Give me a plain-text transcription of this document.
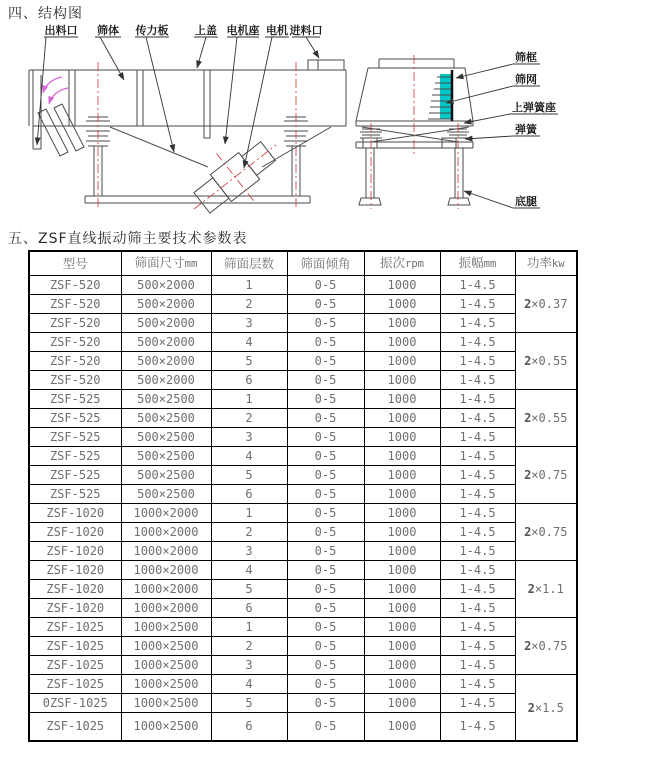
四、结构图
出料口 筛体 传力板 上盖 电机座 电机 进料口
筛框
筛网
上弹簧座
弹簧
底腿
五、ZSF直线振动筛主要技术参数表
型号	筛面尺寸mm	筛面层数	筛面倾角	振次rpm	振幅mm	功率kw
ZSF-520	500×2000	1	0-5	1000	1-4.5	2×0.37
ZSF-520	500×2000	2	0-5	1000	1-4.5	
ZSF-520	500×2000	3	0-5	1000	1-4.5	
ZSF-520	500×2000	4	0-5	1000	1-4.5	2×0.55
ZSF-520	500×2000	5	0-5	1000	1-4.5	
ZSF-520	500×2000	6	0-5	1000	1-4.5	
ZSF-525	500×2500	1	0-5	1000	1-4.5	2×0.55
ZSF-525	500×2500	2	0-5	1000	1-4.5	
ZSF-525	500×2500	3	0-5	1000	1-4.5	
ZSF-525	500×2500	4	0-5	1000	1-4.5	2×0.75
ZSF-525	500×2500	5	0-5	1000	1-4.5	
ZSF-525	500×2500	6	0-5	1000	1-4.5	
ZSF-1020	1000×2000	1	0-5	1000	1-4.5	2×0.75
ZSF-1020	1000×2000	2	0-5	1000	1-4.5	
ZSF-1020	1000×2000	3	0-5	1000	1-4.5	
ZSF-1020	1000×2000	4	0-5	1000	1-4.5	2×1.1
ZSF-1020	1000×2000	5	0-5	1000	1-4.5	
ZSF-1020	1000×2000	6	0-5	1000	1-4.5	
ZSF-1025	1000×2500	1	0-5	1000	1-4.5	2×0.75
ZSF-1025	1000×2500	2	0-5	1000	1-4.5	
ZSF-1025	1000×2500	3	0-5	1000	1-4.5	
ZSF-1025	1000×2500	4	0-5	1000	1-4.5	2×1.5
0ZSF-1025	1000×2500	5	0-5	1000	1-4.5	
ZSF-1025	1000×2500	6	0-5	1000	1-4.5	
